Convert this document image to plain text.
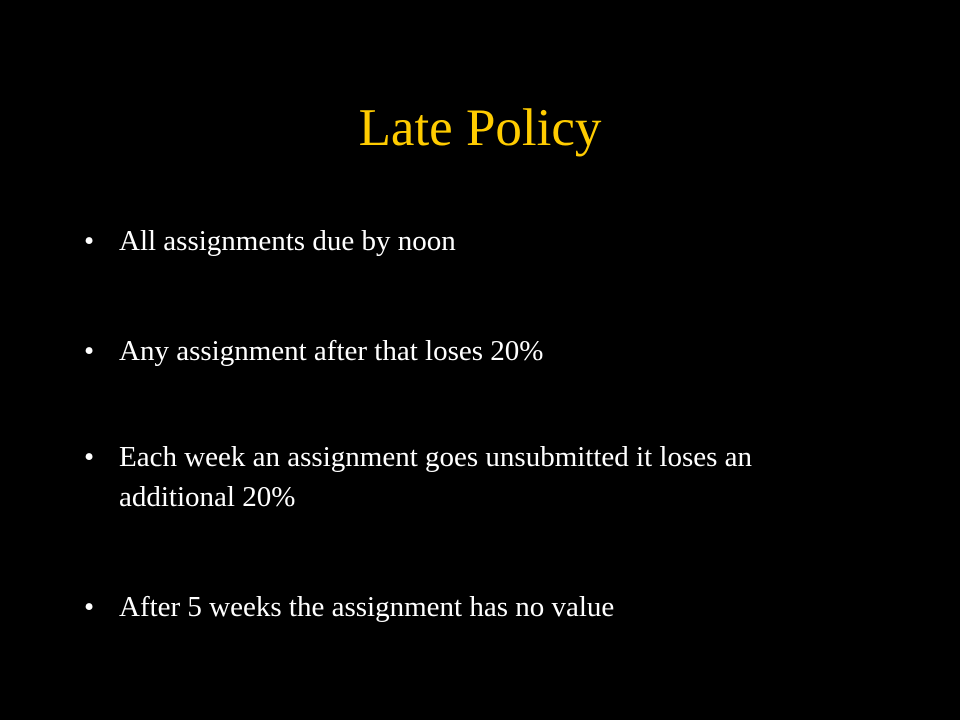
Late Policy
• All assignments due by noon
• Any assignment after that loses 20%
• Each week an assignment goes unsubmitted it loses an additional 20%
• After 5 weeks the assignment has no value
